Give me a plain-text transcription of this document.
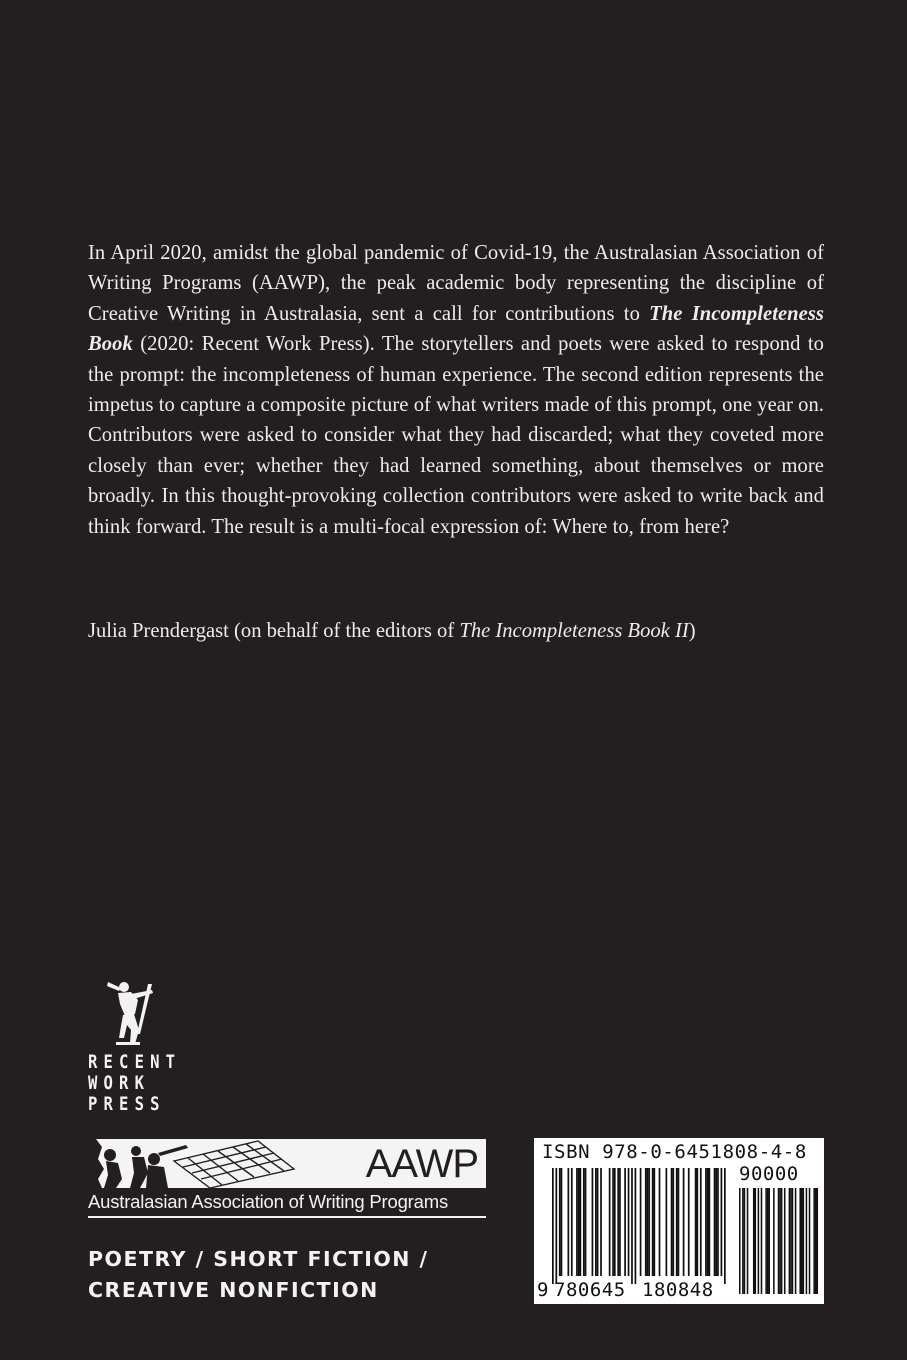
In April 2020, amidst the global pandemic of Covid-19, the Australasian Association of Writing Programs (AAWP), the peak academic body representing the discipline of Creative Writing in Australasia, sent a call for contributions to The Incompleteness Book (2020: Recent Work Press). The storytellers and poets were asked to respond to the prompt: the incompleteness of human experience. The second edition represents the impetus to capture a composite picture of what writers made of this prompt, one year on. Contributors were asked to consider what they had discarded; what they coveted more closely than ever; whether they had learned something, about themselves or more broadly. In this thought-provoking collection contributors were asked to write back and think forward. The result is a multi-focal expression of: Where to, from here?

Julia Prendergast (on behalf of the editors of The Incompleteness Book II)
RECENT
WORK
PRESS
AAWP
Australasian Association of Writing Programs
POETRY / SHORT FICTION /
CREATIVE NONFICTION
ISBN 978-0-6451808-4-8
90000
9 780645 180848
